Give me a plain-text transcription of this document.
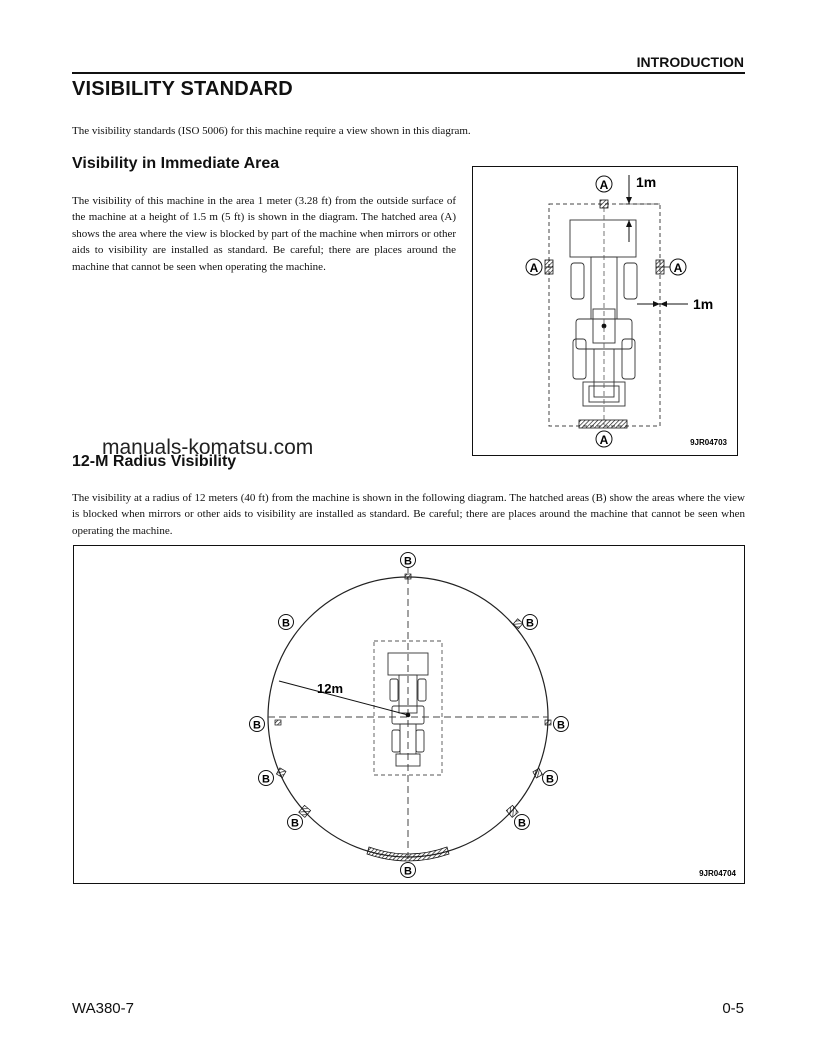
INTRODUCTION
VISIBILITY STANDARD
The visibility standards (ISO 5006) for this machine require a view shown in this diagram.
Visibility in Immediate Area
The visibility of this machine in the area 1 meter (3.28 ft) from the outside surface of the machine at a height of 1.5 m (5 ft) is shown in the diagram. The hatched area (A) shows the area where the view is blocked by part of the machine when mirrors or other aids to visibility are installed as standard. Be careful; there are places around the machine that cannot be seen when operating the machine.
A
A	A
A
1m
1m
9JR04703
manuals-komatsu.com
12-M Radius Visibility
The visibility at a radius of 12 meters (40 ft) from the machine is shown in the following diagram. The hatched areas (B) show the areas where the view is blocked when mirrors or other aids to visibility are installed as standard. Be careful; there are places around the machine that cannot be seen when operating the machine.
12m
B
B	B
B	B
B	B
B	B
B	9JR04704
WA380-7	0-5
